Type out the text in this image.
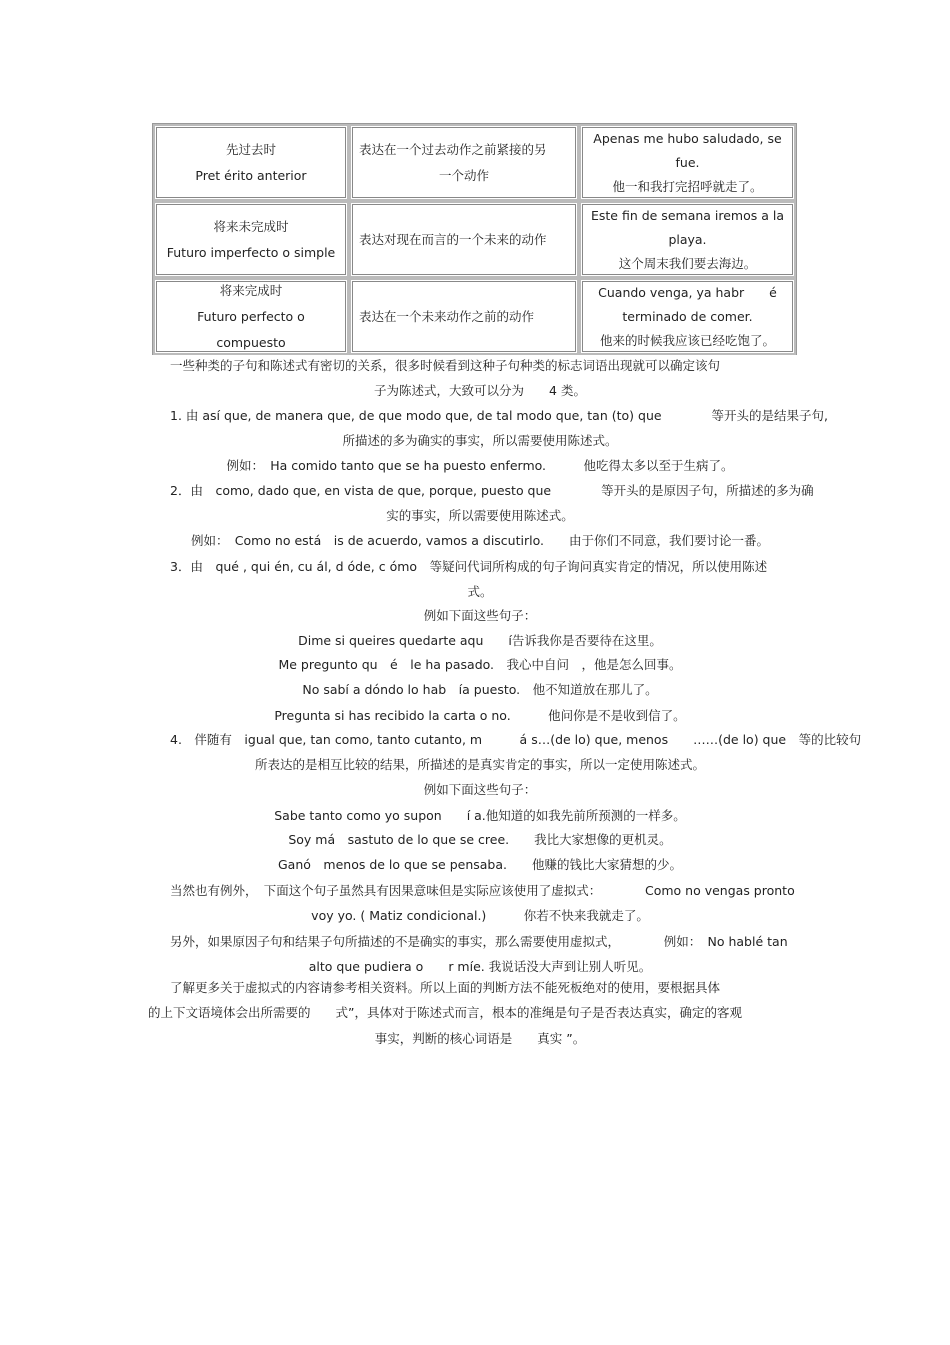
先过去时
Pret érito anterior
表达在一个过去动作之前紧接的另
一个动作
Apenas me hubo saludado, se
fue.
他一和我打完招呼就走了。
将来未完成时
Futuro imperfecto o simple
表达对现在而言的一个未来的动作
Este fin de semana iremos a la
playa.
这个周末我们要去海边。
将来完成时
Futuro perfecto o compuesto
表达在一个未来动作之前的动作
Cuando venga, ya habr　　é
terminado de comer.
他来的时候我应该已经吃饱了。
一些种类的子句和陈述式有密切的关系，很多时候看到这种子句种类的标志词语出现就可以确定该句
子为陈述式，大致可以分为　　4 类。
1. 由 así que, de manera que, de que modo que, de tal modo que, tan (to) que　　　　等开头的是结果子句,
所描述的多为确实的事实，所以需要使用陈述式。
例如：　Ha comido tanto que se ha puesto enfermo.　　　他吃得太多以至于生病了。
2．由　como, dado que, en vista de que, porque, puesto que　　　　等开头的是原因子句，所描述的多为确
实的事实，所以需要使用陈述式。
例如：　Como no está　is de acuerdo, vamos a discutirlo.　　由于你们不同意，我们要讨论一番。
3．由　qué , qui én, cu ál, d óde, c ómo　等疑问代词所构成的句子询问真实肯定的情况，所以使用陈述
式。
例如下面这些句子：
Dime si queires quedarte aqu　　í告诉我你是否要待在这里。
Me pregunto qu　é　le ha pasado.　我心中自问　，他是怎么回事。
No sabí a dóndo lo hab　ía puesto.　他不知道放在那儿了。
Pregunta si has recibido la carta o no.　　　他问你是不是收到信了。
4.　伴随有　igual que, tan como, tanto cutanto, m　　　á s…(de lo) que, menos　　……(de lo) que　等的比较句
所表达的是相互比较的结果，所描述的是真实肯定的事实，所以一定使用陈述式。
例如下面这些句子：
Sabe tanto como yo supon　　í a.他知道的如我先前所预测的一样多。
Soy má　sastuto de lo que se cree.　　我比大家想像的更机灵。
Ganó　menos de lo que se pensaba.　　他赚的钱比大家猜想的少。
当然也有例外，　下面这个句子虽然具有因果意味但是实际应该使用了虚拟式：　　　　Como no vengas pronto
voy yo. ( Matiz condicional.)　　　你若不快来我就走了。
另外，如果原因子句和结果子句所描述的不是确实的事实，那么需要使用虚拟式，　　　　例如：　No hablé tan
alto que pudiera o　　r míe. 我说话没大声到让别人听见。
了解更多关于虚拟式的内容请参考相关资料。所以上面的判断方法不能死板绝对的使用，要根据具体
的上下文语境体会出所需要的　　式”，具体对于陈述式而言，根本的准绳是句子是否表达真实，确定的客观
事实，判断的核心词语是　　真实 ”。
